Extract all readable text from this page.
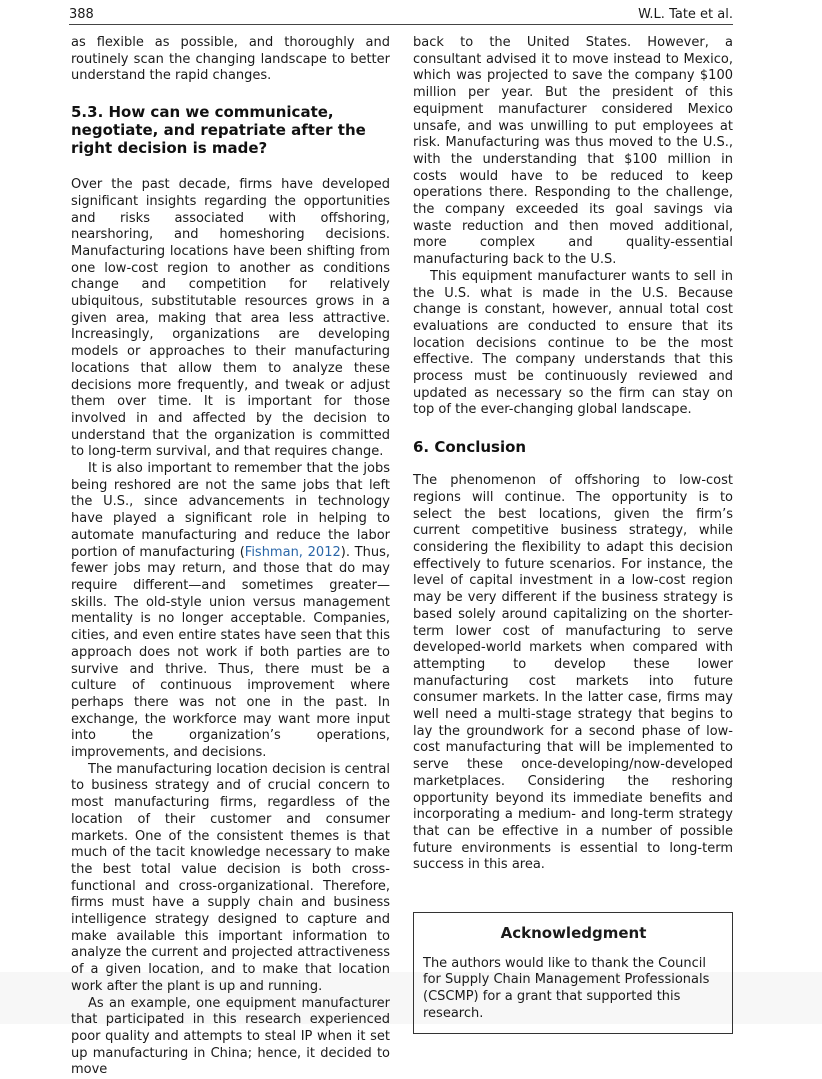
388	W.L. Tate et al.

as flexible as possible, and thoroughly and routinely scan the changing landscape to better understand the rapid changes.

5.3. How can we communicate, negotiate, and repatriate after the right decision is made?

Over the past decade, firms have developed significant insights regarding the opportunities and risks associated with offshoring, nearshoring, and homeshoring decisions. Manufacturing locations have been shifting from one low-cost region to another as conditions change and competition for relatively ubiquitous, substitutable resources grows in a given area, making that area less attractive. Increasingly, organizations are developing models or approaches to their manufacturing locations that allow them to analyze these decisions more frequently, and tweak or adjust them over time. It is important for those involved in and affected by the decision to understand that the organization is committed to long-term survival, and that requires change.

It is also important to remember that the jobs being reshored are not the same jobs that left the U.S., since advancements in technology have played a significant role in helping to automate manufacturing and reduce the labor portion of manufacturing (Fishman, 2012). Thus, fewer jobs may return, and those that do may require different—and sometimes greater—skills. The old-style union versus management mentality is no longer acceptable. Companies, cities, and even entire states have seen that this approach does not work if both parties are to survive and thrive. Thus, there must be a culture of continuous improvement where perhaps there was not one in the past. In exchange, the workforce may want more input into the organization’s operations, improvements, and decisions.

The manufacturing location decision is central to business strategy and of crucial concern to most manufacturing firms, regardless of the location of their customer and consumer markets. One of the consistent themes is that much of the tacit knowledge necessary to make the best total value decision is both cross-functional and cross-organizational. Therefore, firms must have a supply chain and business intelligence strategy designed to capture and make available this important information to analyze the current and projected attractiveness of a given location, and to make that location work after the plant is up and running.

As an example, one equipment manufacturer that participated in this research experienced poor quality and attempts to steal IP when it set up manufacturing in China; hence, it decided to move

back to the United States. However, a consultant advised it to move instead to Mexico, which was projected to save the company $100 million per year. But the president of this equipment manufacturer considered Mexico unsafe, and was unwilling to put employees at risk. Manufacturing was thus moved to the U.S., with the understanding that $100 million in costs would have to be reduced to keep operations there. Responding to the challenge, the company exceeded its goal savings via waste reduction and then moved additional, more complex and quality-essential manufacturing back to the U.S.

This equipment manufacturer wants to sell in the U.S. what is made in the U.S. Because change is constant, however, annual total cost evaluations are conducted to ensure that its location decisions continue to be the most effective. The company understands that this process must be continuously reviewed and updated as necessary so the firm can stay on top of the ever-changing global landscape.

6. Conclusion

The phenomenon of offshoring to low-cost regions will continue. The opportunity is to select the best locations, given the firm’s current competitive business strategy, while considering the flexibility to adapt this decision effectively to future scenarios. For instance, the level of capital investment in a low-cost region may be very different if the business strategy is based solely around capitalizing on the shorter-term lower cost of manufacturing to serve developed-world markets when compared with attempting to develop these lower manufacturing cost markets into future consumer markets. In the latter case, firms may well need a multi-stage strategy that begins to lay the groundwork for a second phase of low-cost manufacturing that will be implemented to serve these once-developing/now-developed marketplaces. Considering the reshoring opportunity beyond its immediate benefits and incorporating a medium- and long-term strategy that can be effective in a number of possible future environments is essential to long-term success in this area.

Acknowledgment

The authors would like to thank the Council for Supply Chain Management Professionals (CSCMP) for a grant that supported this research.
